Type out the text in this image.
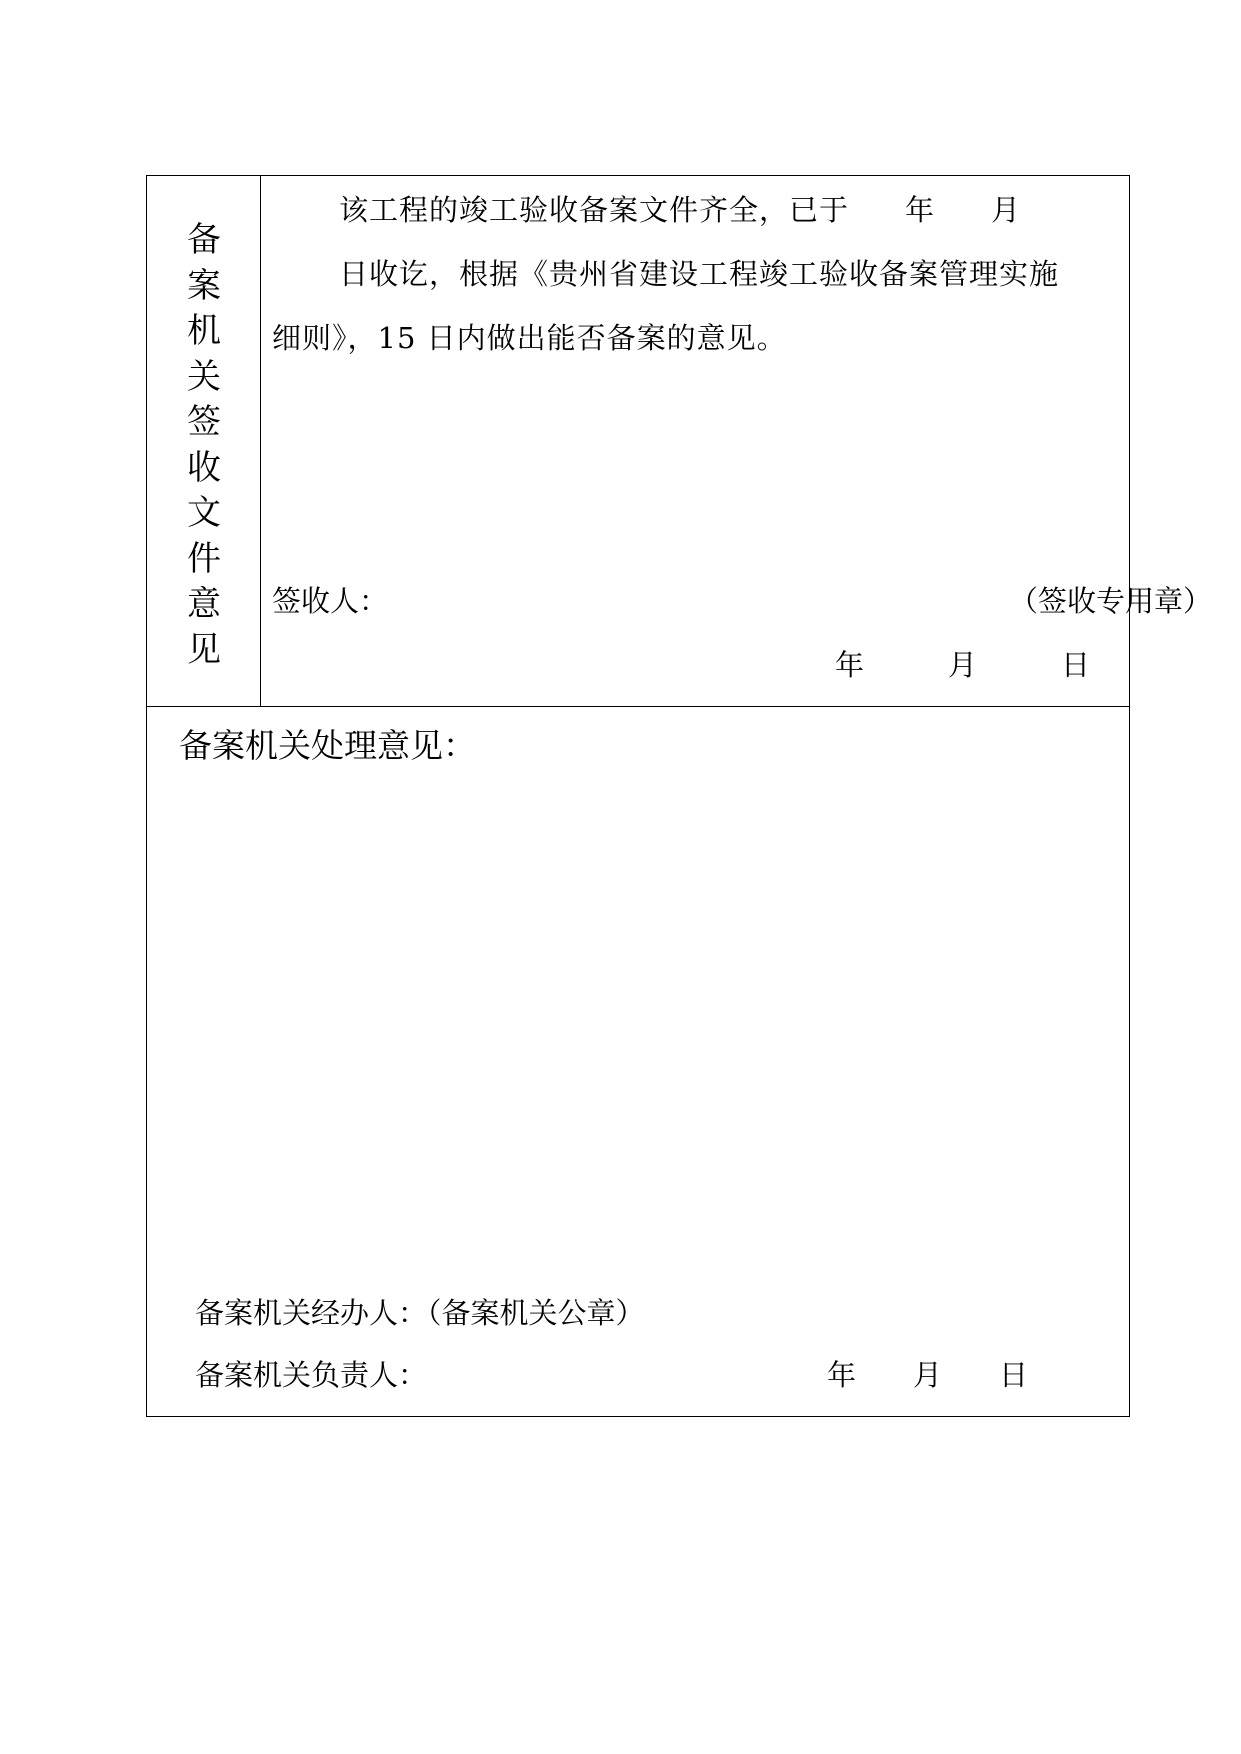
备
案
机
关
签
收
文
件
意
见
该工程的竣工验收备案文件齐全，已于 年 月
日收讫，根据《贵州省建设工程竣工验收备案管理实施
细则》，15 日内做出能否备案的意见。
签收人：	（签收专用章）
年	月	日
备案机关处理意见：
备案机关经办人：（备案机关公章）
备案机关负责人：	年 月 日
